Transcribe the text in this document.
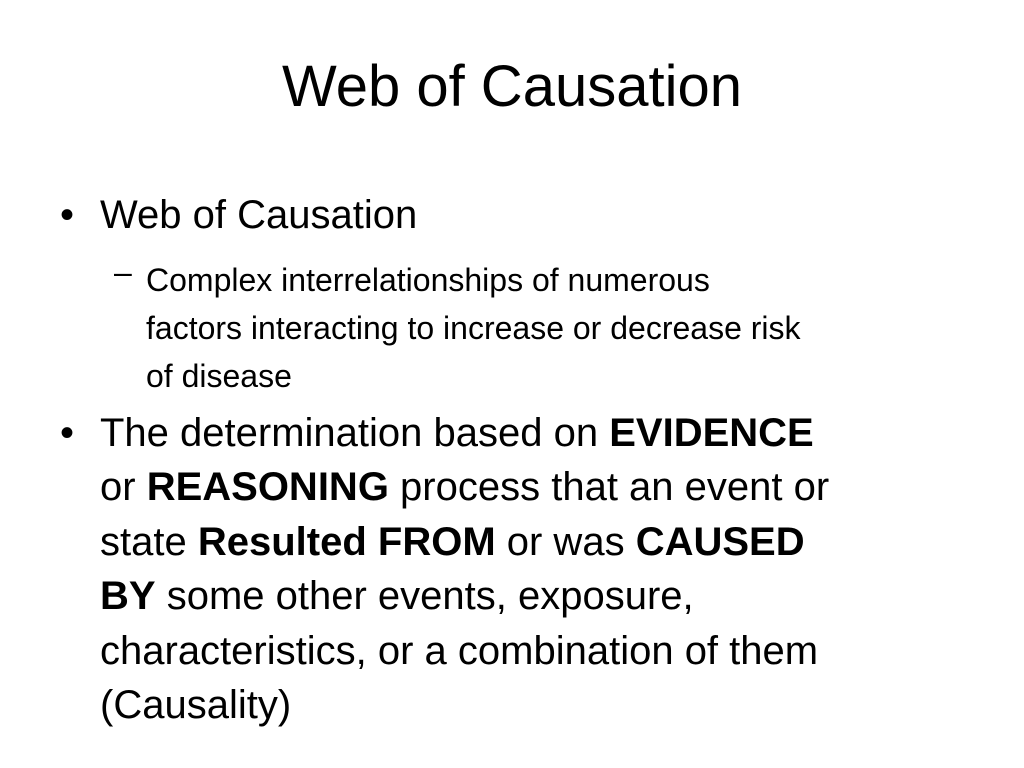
Web of Causation
• Web of Causation
– Complex interrelationships of numerous
factors interacting to increase or decrease risk
of disease

• The determination based on EVIDENCE
or REASONING process that an event or
state Resulted FROM or was CAUSED
BY some other events, exposure,
characteristics, or a combination of them
(Causality)
